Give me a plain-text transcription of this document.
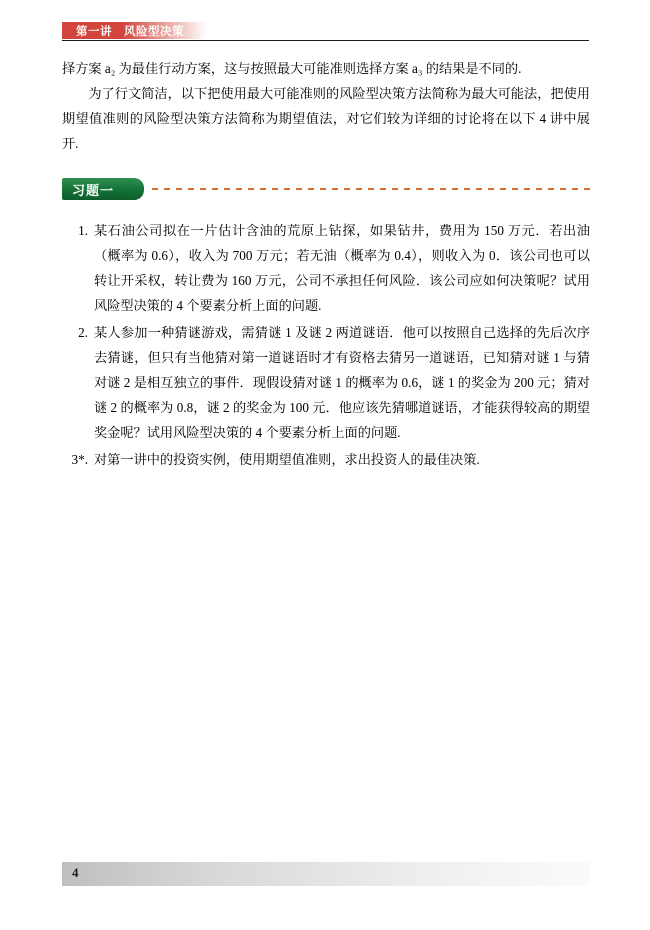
第一讲　风险型决策

择方案 a₂ 为最佳行动方案，这与按照最大可能准则选择方案 a₃ 的结果是不同的.

为了行文简洁，以下把使用最大可能准则的风险型决策方法简称为最大可能法，把使用期望值准则的风险型决策方法简称为期望值法，对它们较为详细的讨论将在以下 4 讲中展开.

习题一
1. 某石油公司拟在一片估计含油的荒原上钻探，如果钻井，费用为 150 万元．若出油（概率为 0.6），收入为 700 万元；若无油（概率为 0.4），则收入为 0．该公司也可以转让开采权，转让费为 160 万元，公司不承担任何风险．该公司应如何决策呢？试用风险型决策的 4 个要素分析上面的问题.
2. 某人参加一种猜谜游戏，需猜谜 1 及谜 2 两道谜语．他可以按照自己选择的先后次序去猜谜，但只有当他猜对第一道谜语时才有资格去猜另一道谜语，已知猜对谜 1 与猜对谜 2 是相互独立的事件．现假设猜对谜 1 的概率为 0.6，谜 1 的奖金为 200 元；猜对谜 2 的概率为 0.8，谜 2 的奖金为 100 元．他应该先猜哪道谜语，才能获得较高的期望奖金呢？试用风险型决策的 4 个要素分析上面的问题.
3*. 对第一讲中的投资实例，使用期望值准则，求出投资人的最佳决策.
4
